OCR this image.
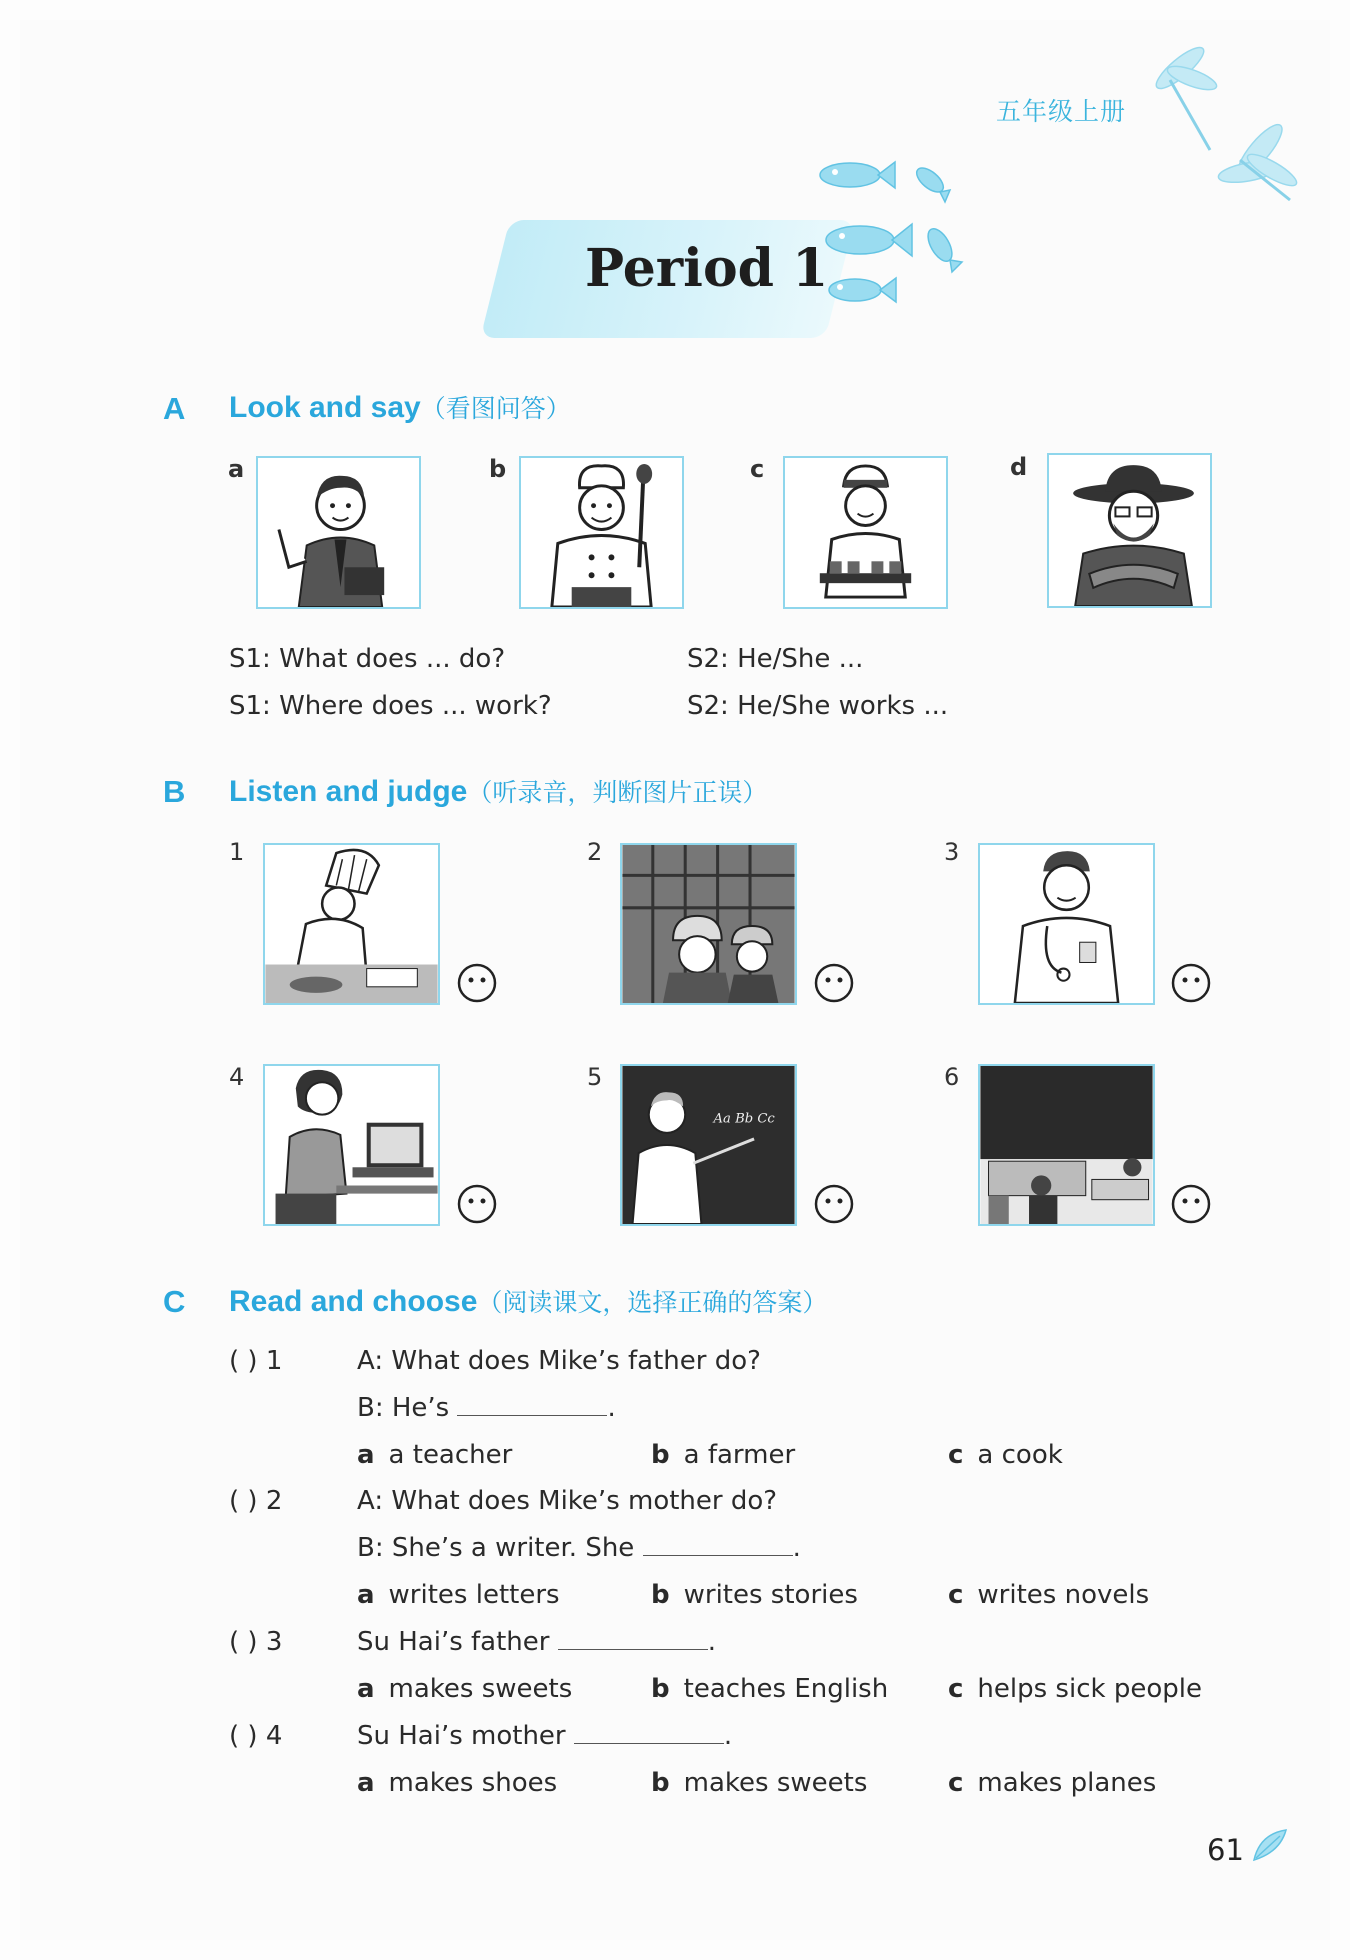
五年级上册
Period 1
A Look and say（看图问答）
a	b	c	d
S1: What does ... do?	S2: He/She ...
S1: Where does ... work?	S2: He/She works ...
B Listen and judge（听录音，判断图片正误）
1	2	3
4	5
Aa Bb Cc
6
C Read and choose（阅读课文，选择正确的答案）
( ) 1	A: What does Mike’s father do?
B: He’s	.
a a teacher	b a farmer	c a cook
( ) 2	A: What does Mike’s mother do?
B: She’s a writer. She	.
a writes letters	b writes stories	c writes novels
( ) 3	Su Hai’s father	.
a makes sweets	b teaches English c helps sick people
( ) 4	Su Hai’s mother	.
a makes shoes	b makes sweets	c makes planes
61
